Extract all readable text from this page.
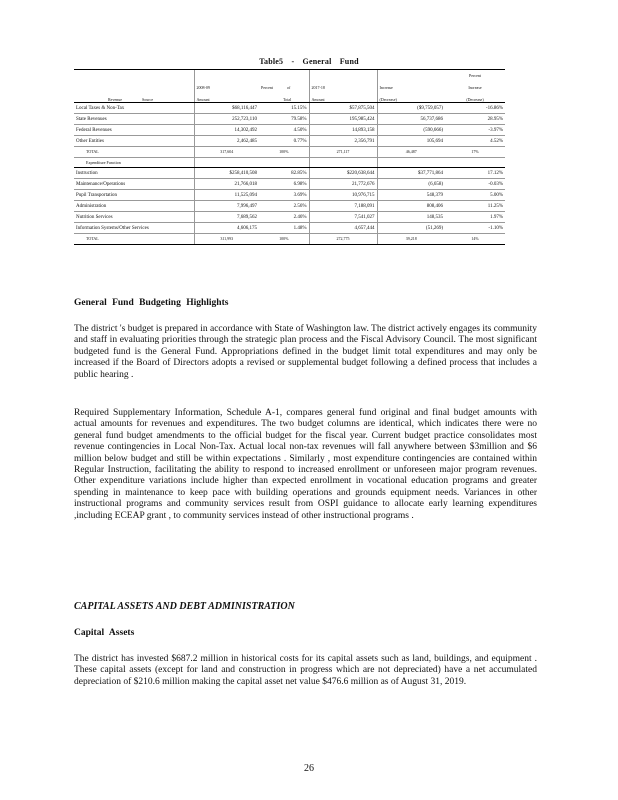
Table5 - General Fund
					Percent
	2008-09	Percent of	2017-18	Increase	Increase
Revenue Source	Amount	Total	Amount	(Decrease)	(Decrease)
Local Taxes & Non-Tax	$68,116,447	15.15%	$57,875,504	($9,759,057)	-16.86%
State Revenues	252,723,110	79.58%	195,985,424	56,737,686	28.95%
Federal Revenues	14,302,492	4.50%	14,893,158	(590,666)	-3.97%
Other Entities	2,462,485	0.77%	2,356,791	105,694	4.52%
TOTAL	317,604	100%	271,117	46,487	17%
Expenditure Function					
Instruction	$258,410,508	82.85%	$220,638,644	$37,771,864	17.12%
Maintenance/Operations	21,766,018	6.98%	21,772,676	(6,658)	-0.03%
Pupil Transportation	11,525,094	3.69%	10,976,715	548,379	5.00%
Administration	7,996,497	2.56%	7,188,091	808,406	11.25%
Nutrition Services	7,689,562	2.46%	7,541,027	148,535	1.97%
Information Systems/Other Services	4,606,175	1.48%	4,657,444	(51,269)	-1.10%
TOTAL	311,993	100%	272,775	39,218	14%
General Fund Budgeting Highlights

The district 's budget is prepared in accordance with State of Washington law. The district actively engages its community and staff in evaluating priorities through the strategic plan process and the Fiscal Advisory Council. The most significant budgeted fund is the General Fund. Appropriations defined in the budget limit total expenditures and may only be increased if the Board of Directors adopts a revised or supplemental budget following a defined process that includes a public hearing .

Required Supplementary Information, Schedule A-1, compares general fund original and final budget amounts with actual amounts for revenues and expenditures. The two budget columns are identical, which indicates there were no general fund budget amendments to the official budget for the fiscal year. Current budget practice consolidates most revenue contingencies in Local Non-Tax. Actual local non-tax revenues will fall anywhere between $3million and $6 million below budget and still be within expectations . Similarly , most expenditure contingencies are contained within Regular Instruction, facilitating the ability to respond to increased enrollment or unforeseen major program revenues. Other expenditure variations include higher than expected enrollment in vocational education programs and greater spending in maintenance to keep pace with building operations and grounds equipment needs. Variances in other instructional programs and community services result from OSPI guidance to allocate early learning expenditures ,including ECEAP grant , to community services instead of other instructional programs .

CAPITAL ASSETS AND DEBT ADMINISTRATION
Capital Assets

The district has invested $687.2 million in historical costs for its capital assets such as land, buildings, and equipment . These capital assets (except for land and construction in progress which are not depreciated) have a net accumulated depreciation of $210.6 million making the capital asset net value $476.6 million as of August 31, 2019.

26
